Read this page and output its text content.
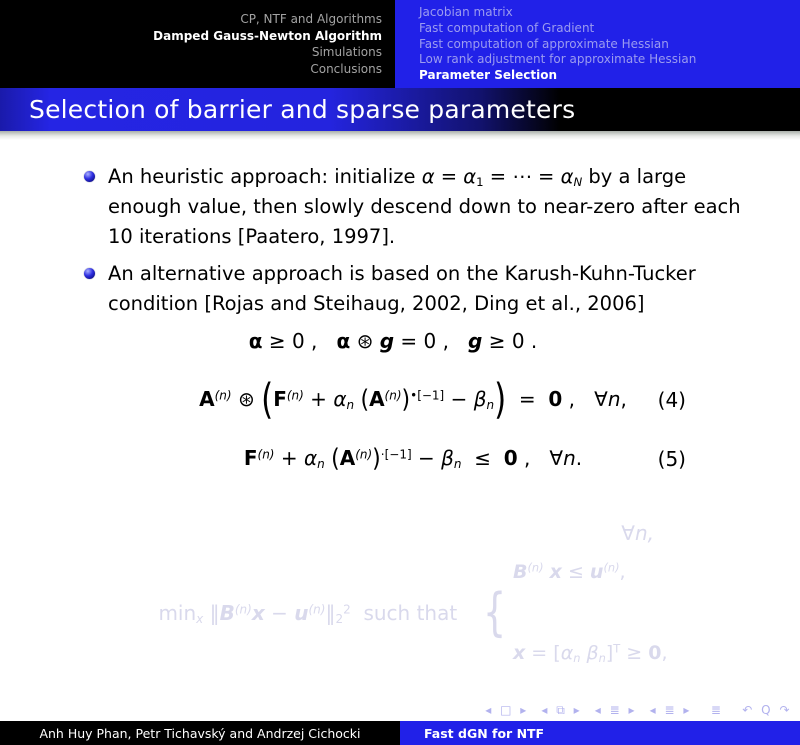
CP, NTF and Algorithms
Damped Gauss-Newton Algorithm
Simulations
Conclusions
Jacobian matrix
Fast computation of Gradient
Fast computation of approximate Hessian
Low rank adjustment for approximate Hessian
Parameter Selection
Selection of barrier and sparse parameters
An heuristic approach: initialize $\alpha = \alpha_1$ = ⋯ = $\alpha_N$ by a large enough value, then slowly descend down to near-zero after each 10 iterations [Paatero, 1997].
An alternative approach is based on the Karush-Kuhn-Tucker condition [Rojas and Steihaug, 2002, Ding et al., 2006]
α ≥ 0 , α ⊛ g = 0 , g ≥ 0 .
$A^{(n)}$ ⊛ ($F^{(n)} + \alpha_n$ $(A^{(n)})^{•[-1]} - \beta_n) = 0$ ,   ∀n, (4)
$F^{(n)} + \alpha_n$ $(A^{(n)})^{\cdot[-1]} - \beta_n \le 0$ ,   ∀n.	(5)
$\min_x$ $‖B^{(n)}x$ − $u^{(n)}‖_2^2$  such that {

$B^{(n)}$ $x \le u^{(n)}$,

$x = [\alpha_n$ $\beta_n]^T \ge 0$,

∀n,
◂ □ ▸  ◂ ⧉ ▸  ◂ ≣ ▸  ◂ ≣ ▸   ≣   ↶ Q ↷
Anh Huy Phan, Petr Tichavský and Andrzej Cichocki	Fast dGN for NTF
